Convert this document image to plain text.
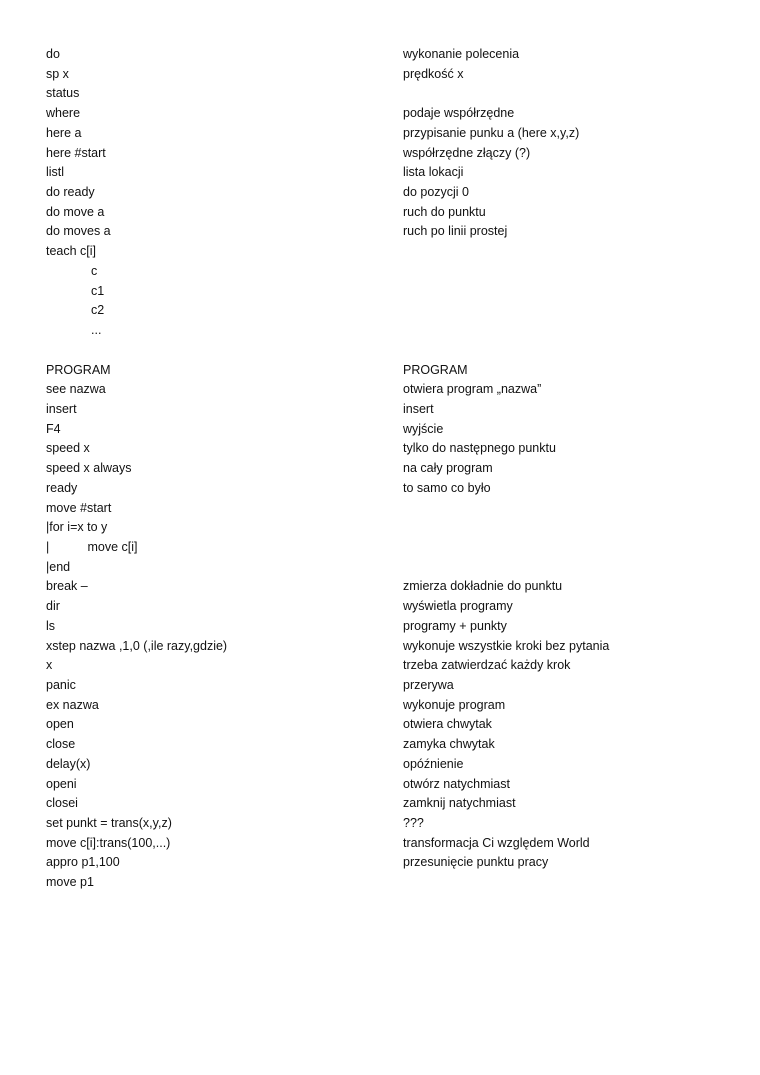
do
sp x
status
where
here a
here #start
listl
do ready
do move a
do moves a
teach c[i]
c
c1
c2
...
PROGRAM
see nazwa
insert
F4
speed x
speed x always
ready
move #start
|for i=x to y
|           move c[i]
|end
break –
dir
ls
xstep nazwa ,1,0 (,ile razy,gdzie)
x
panic
ex nazwa
open
close
delay(x)
openi
closei
set punkt = trans(x,y,z)
move c[i]:trans(100,...)
appro p1,100
move p1
wykonanie polecenia
prędkość x
podaje współrzędne
przypisanie punku a (here x,y,z)
współrzędne złączy (?)
lista lokacji
do pozycji 0
ruch do punktu
ruch po linii prostej
PROGRAM
otwiera program „nazwa”
insert
wyjście
tylko do następnego punktu
na cały program
to samo co było
zmierza dokładnie do punktu
wyświetla programy
programy + punkty
wykonuje wszystkie kroki bez pytania
trzeba zatwierdzać każdy krok
przerywa
wykonuje program
otwiera chwytak
zamyka chwytak
opóźnienie
otwórz natychmiast
zamknij natychmiast
???
transformacja Ci względem World
przesunięcie punktu pracy
